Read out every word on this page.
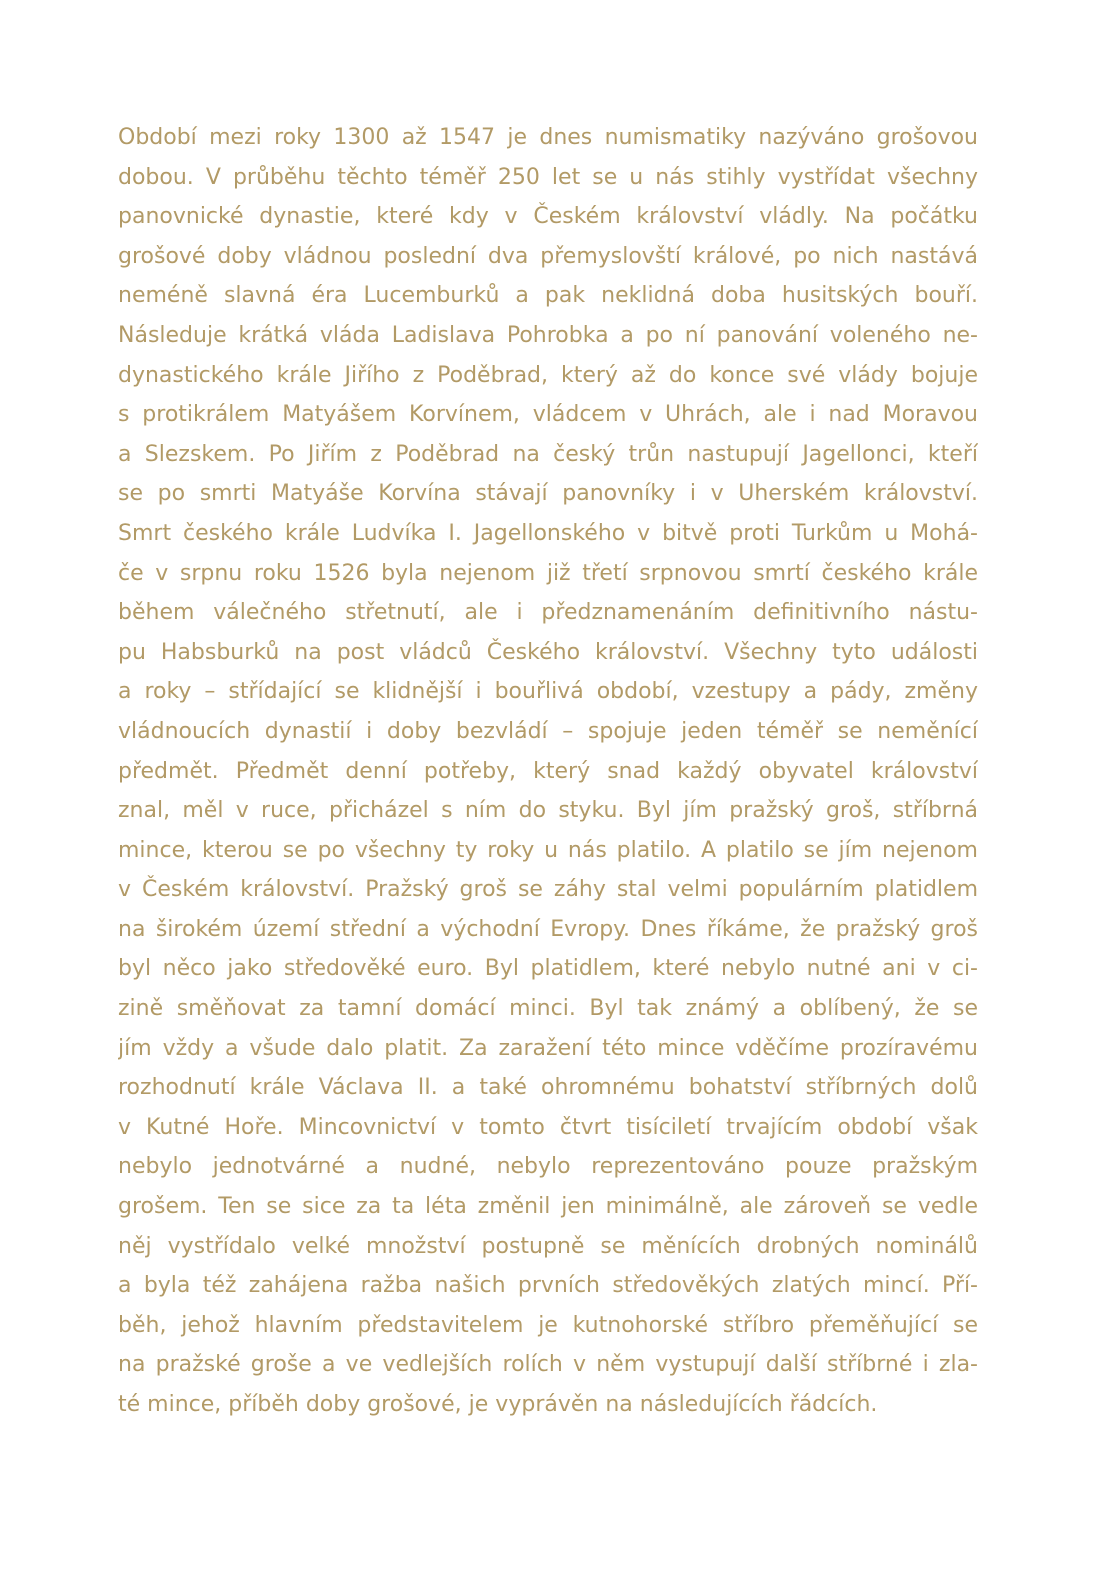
Období mezi roky 1300 až 1547 je dnes numismatiky nazýváno grošovou
dobou. V průběhu těchto téměř 250 let se u nás stihly vystřídat všechny
panovnické dynastie, které kdy v Českém království vládly. Na počátku
grošové doby vládnou poslední dva přemyslovští králové, po nich nastává
neméně slavná éra Lucemburků a pak neklidná doba husitských bouří.
Následuje krátká vláda Ladislava Pohrobka a po ní panování voleného ne-
dynastického krále Jiřího z Poděbrad, který až do konce své vlády bojuje
s protikrálem Matyášem Korvínem, vládcem v Uhrách, ale i nad Moravou
a Slezskem. Po Jiřím z Poděbrad na český trůn nastupují Jagellonci, kteří
se po smrti Matyáše Korvína stávají panovníky i v Uherském království.
Smrt českého krále Ludvíka I. Jagellonského v bitvě proti Turkům u Mohá-
če v srpnu roku 1526 byla nejenom již třetí srpnovou smrtí českého krále
během válečného střetnutí, ale i předznamenáním definitivního nástu-
pu Habsburků na post vládců Českého království. Všechny tyto události
a roky – střídající se klidnější i bouřlivá období, vzestupy a pády, změny
vládnoucích dynastií i doby bezvládí – spojuje jeden téměř se neměnící
předmět. Předmět denní potřeby, který snad každý obyvatel království
znal, měl v ruce, přicházel s ním do styku. Byl jím pražský groš, stříbrná
mince, kterou se po všechny ty roky u nás platilo. A platilo se jím nejenom
v Českém království. Pražský groš se záhy stal velmi populárním platidlem
na širokém území střední a východní Evropy. Dnes říkáme, že pražský groš
byl něco jako středověké euro. Byl platidlem, které nebylo nutné ani v ci-
zině směňovat za tamní domácí minci. Byl tak známý a oblíbený, že se
jím vždy a všude dalo platit. Za zaražení této mince vděčíme prozíravému
rozhodnutí krále Václava II. a také ohromnému bohatství stříbrných dolů
v Kutné Hoře. Mincovnictví v tomto čtvrt tisíciletí trvajícím období však
nebylo jednotvárné a nudné, nebylo reprezentováno pouze pražským
grošem. Ten se sice za ta léta změnil jen minimálně, ale zároveň se vedle
něj vystřídalo velké množství postupně se měnících drobných nominálů
a byla též zahájena ražba našich prvních středověkých zlatých mincí. Pří-
běh, jehož hlavním představitelem je kutnohorské stříbro přeměňující se
na pražské groše a ve vedlejších rolích v něm vystupují další stříbrné i zla-
té mince, příběh doby grošové, je vyprávěn na následujících řádcích.
